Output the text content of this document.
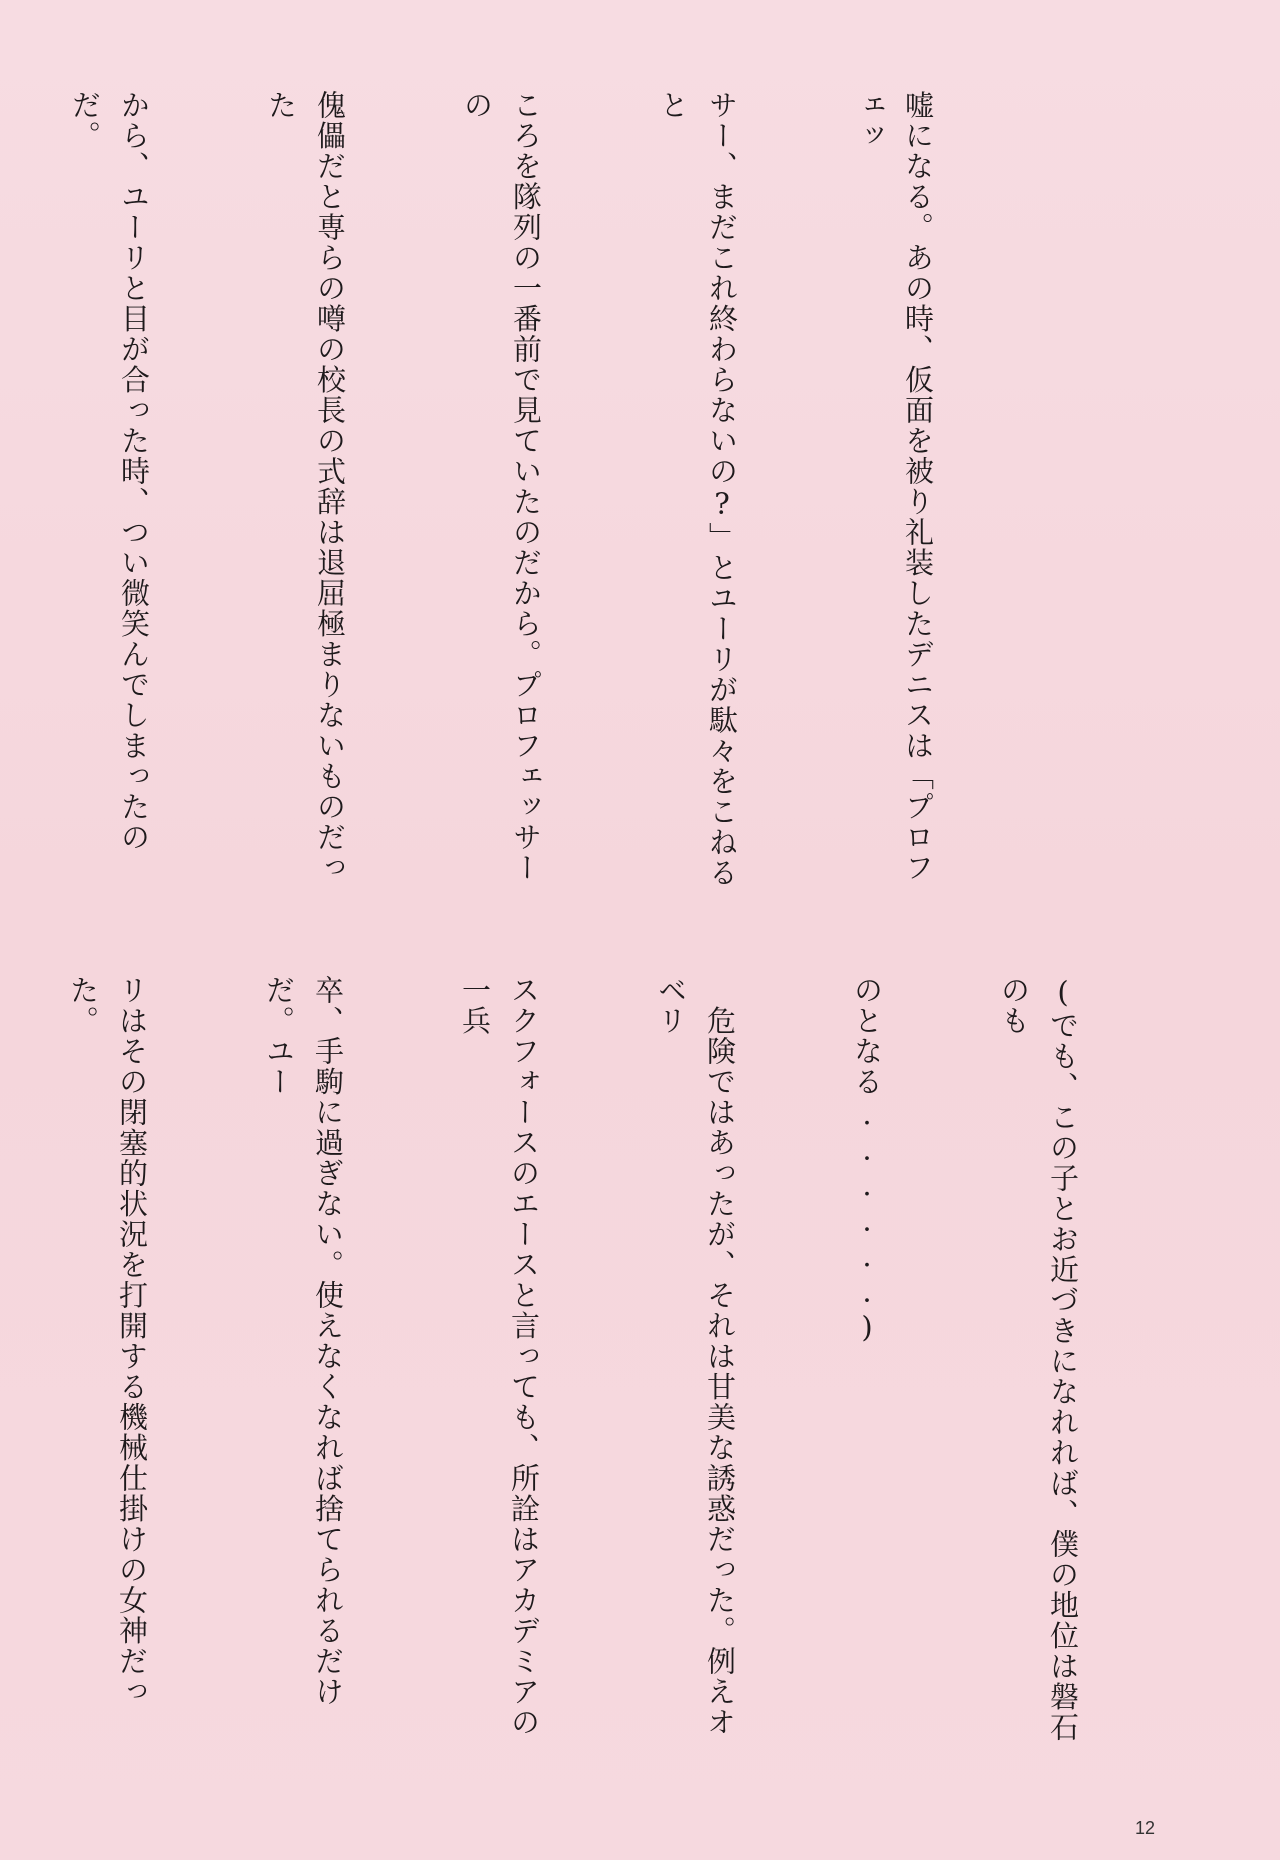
嘘になる。あの時、仮面を被り礼装したデニスは「プロフェッ

サー、まだこれ終わらないの?」とユーリが駄々をこねると

ころを隊列の一番前で見ていたのだから。プロフェッサーの

傀儡だと専らの噂の校長の式辞は退屈極まりないものだった

から、ユーリと目が合った時、つい微笑んでしまったのだ。

(でも、この子とお近づきになれれば、僕の地位は磐石のも

のとなる......)

　危険ではあったが、それは甘美な誘惑だった。例えオベリ

スクフォースのエースと言っても、所詮はアカデミアの一兵

卒、手駒に過ぎない。使えなくなれば捨てられるだけだ。ユー

リはその閉塞的状況を打開する機械仕掛けの女神だった。

12
